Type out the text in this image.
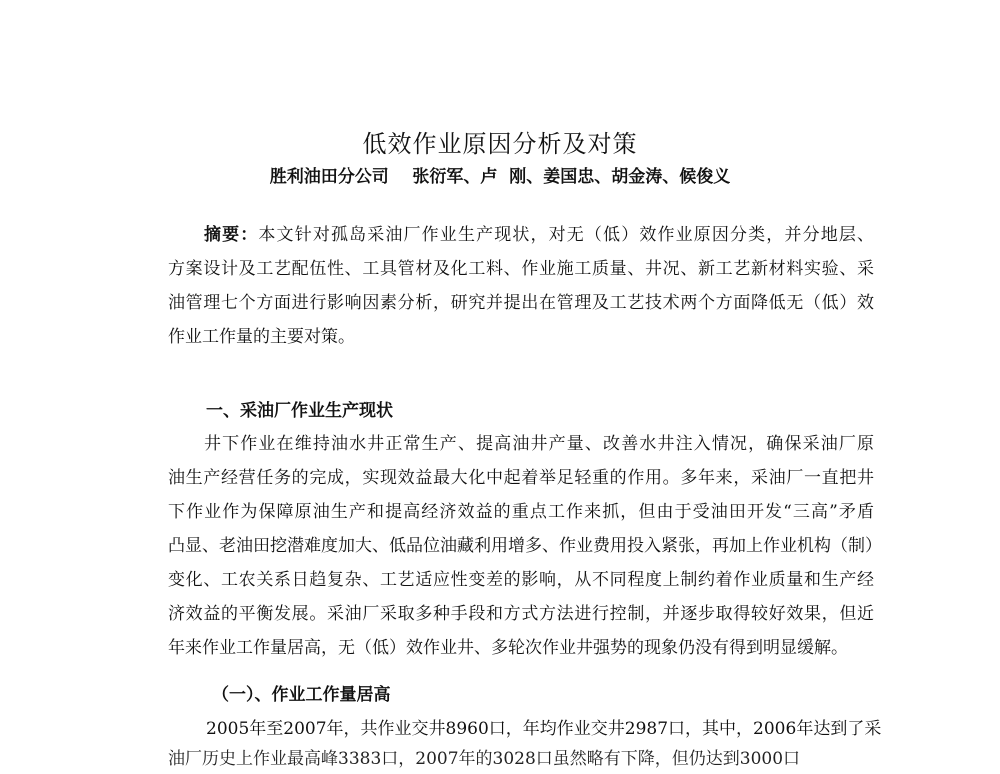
低效作业原因分析及对策

胜利油田分公司    张衍军、卢  刚、姜国忠、胡金涛、候俊义

摘要：本文针对孤岛采油厂作业生产现状，对无（低）效作业原因分类，并分地层、
方案设计及工艺配伍性、工具管材及化工料、作业施工质量、井况、新工艺新材料实验、采
油管理七个方面进行影响因素分析，研究并提出在管理及工艺技术两个方面降低无（低）效
作业工作量的主要对策。
一、采油厂作业生产现状
井下作业在维持油水井正常生产、提高油井产量、改善水井注入情况，确保采油厂原
油生产经营任务的完成，实现效益最大化中起着举足轻重的作用。多年来，采油厂一直把井
下作业作为保障原油生产和提高经济效益的重点工作来抓，但由于受油田开发“三高”矛盾
凸显、老油田挖潜难度加大、低品位油藏利用增多、作业费用投入紧张，再加上作业机构（制）
变化、工农关系日趋复杂、工艺适应性变差的影响，从不同程度上制约着作业质量和生产经
济效益的平衡发展。采油厂采取多种手段和方式方法进行控制，并逐步取得较好效果，但近
年来作业工作量居高，无（低）效作业井、多轮次作业井强势的现象仍没有得到明显缓解。
（一）、作业工作量居高
2005年至2007年，共作业交井8960口，年均作业交井2987口，其中，2006年达到了采
油厂历史上作业最高峰3383口，2007年的3028口虽然略有下降，但仍达到3000口
